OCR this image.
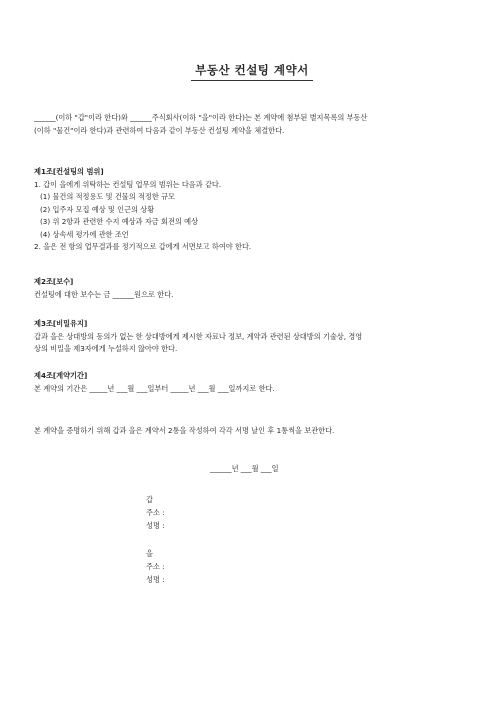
부동산 컨설팅 계약서

______(이하 "갑"이라 한다)와 ______주식회사(이하 "을"이라 한다)는 본 계약에 첨부된 별지목록의 부동산

(이하 "물건"이라 한다)과 관련하여 다음과 같이 부동산 컨설팅 계약을 체결한다.

제1조[컨설팅의 범위]

1. 갑이 을에게 위탁하는 컨설팅 업무의 범위는 다음과 같다.

(1) 물건의 적정용도 및 건물의 적정한 규모

(2) 입주자 모집 예상 및 인근의 상황

(3) 위 2항과 관련한 수지 예상과 자금 회전의 예상

(4) 상속세 평가에 관한 조언

2. 을은 전 항의 업무결과를 정기적으로 갑에게 서면보고 하여야 한다.

제2조[보수]

컨설팅에 대한 보수는 금 ______원으로 한다.

제3조[비밀유지]

갑과 을은 상대방의 동의가 없는 한 상대방에게 제시한 자료나 정보, 계약과 관련된 상대방의 기술상, 경영

상의 비밀을 제3자에게 누설하지 않아야 한다.

제4조[계약기간]

본 계약의 기간은 _____년 ___월 ___일부터 _____년 ___월 ___일까지로 한다.

본 계약을 증명하기 위해 갑과 을은 계약서 2통을 작성하여 각각 서명 날인 후 1통씩을 보관한다.

______년 ___월 ___일

갑

주소 :

성명 :

을

주소 :

성명 :
